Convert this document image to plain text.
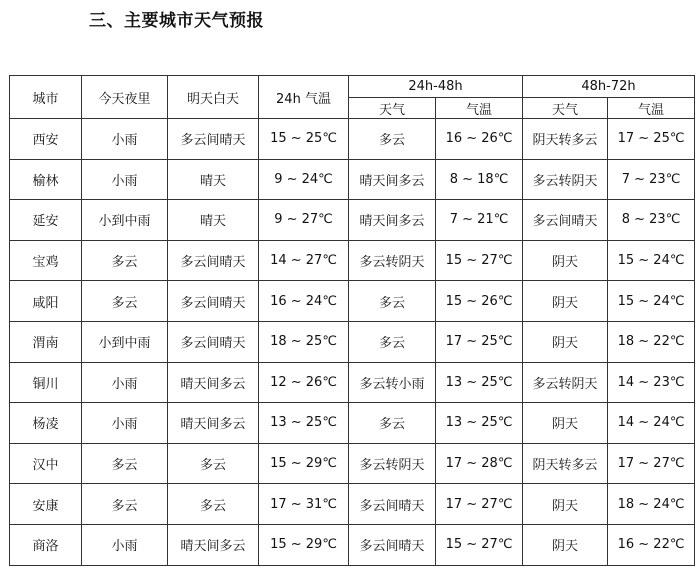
三、主要城市天气预报
城市	今天夜里	明天白天	24h 气温	24h-48h		48h-72h	
				天气	气温	天气	气温
西安	小雨	多云间晴天	15 ~ 25℃	多云	16 ~ 26℃	阴天转多云	17 ~ 25℃
榆林	小雨	晴天	9 ~ 24℃	晴天间多云	8 ~ 18℃	多云转阴天	7 ~ 23℃
延安	小到中雨	晴天	9 ~ 27℃	晴天间多云	7 ~ 21℃	多云间晴天	8 ~ 23℃
宝鸡	多云	多云间晴天	14 ~ 27℃	多云转阴天	15 ~ 27℃	阴天	15 ~ 24℃
咸阳	多云	多云间晴天	16 ~ 24℃	多云	15 ~ 26℃	阴天	15 ~ 24℃
渭南	小到中雨	多云间晴天	18 ~ 25℃	多云	17 ~ 25℃	阴天	18 ~ 22℃
铜川	小雨	晴天间多云	12 ~ 26℃	多云转小雨	13 ~ 25℃	多云转阴天	14 ~ 23℃
杨凌	小雨	晴天间多云	13 ~ 25℃	多云	13 ~ 25℃	阴天	14 ~ 24℃
汉中	多云	多云	15 ~ 29℃	多云转阴天	17 ~ 28℃	阴天转多云	17 ~ 27℃
安康	多云	多云	17 ~ 31℃	多云间晴天	17 ~ 27℃	阴天	18 ~ 24℃
商洛	小雨	晴天间多云	15 ~ 29℃	多云间晴天	15 ~ 27℃	阴天	16 ~ 22℃
